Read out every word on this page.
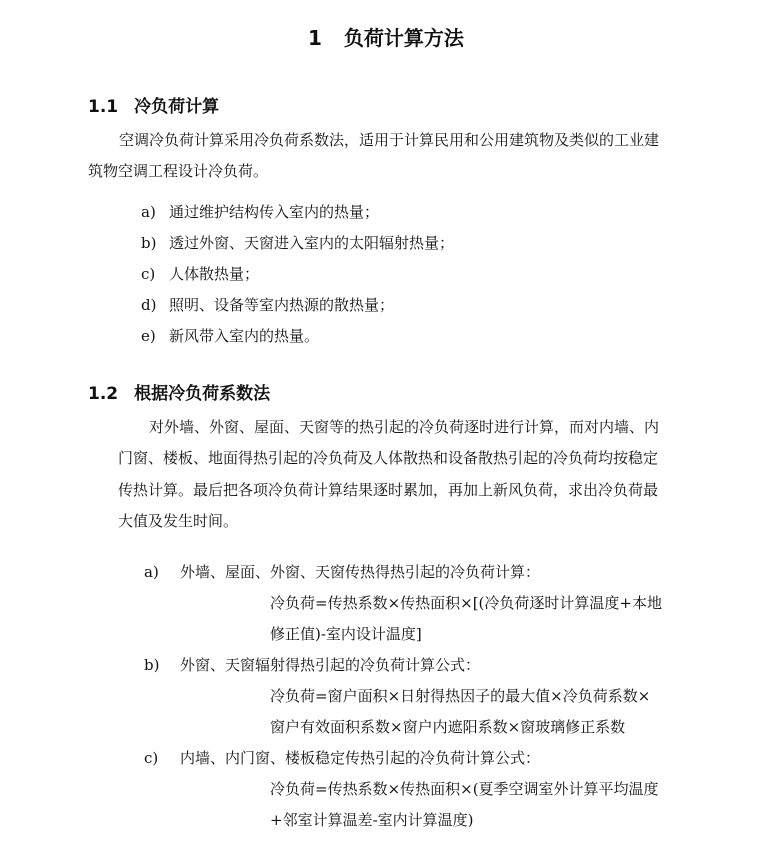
1 负荷计算方法
1.1 冷负荷计算
空调冷负荷计算采用冷负荷系数法，适用于计算民用和公用建筑物及类似的工业建
筑物空调工程设计冷负荷。
a) 通过维护结构传入室内的热量；
b) 透过外窗、天窗进入室内的太阳辐射热量；
c) 人体散热量；
d) 照明、设备等室内热源的散热量；
e) 新风带入室内的热量。
1.2 根据冷负荷系数法
对外墙、外窗、屋面、天窗等的热引起的冷负荷逐时进行计算，而对内墙、内
门窗、楼板、地面得热引起的冷负荷及人体散热和设备散热引起的冷负荷均按稳定
传热计算。最后把各项冷负荷计算结果逐时累加，再加上新风负荷，求出冷负荷最
大值及发生时间。
a) 外墙、屋面、外窗、天窗传热得热引起的冷负荷计算：
冷负荷=传热系数×传热面积×[(冷负荷逐时计算温度+本地
修正值)-室内设计温度]
b) 外窗、天窗辐射得热引起的冷负荷计算公式：
冷负荷=窗户面积×日射得热因子的最大值×冷负荷系数×
窗户有效面积系数×窗户内遮阳系数×窗玻璃修正系数
c) 内墙、内门窗、楼板稳定传热引起的冷负荷计算公式：
冷负荷=传热系数×传热面积×(夏季空调室外计算平均温度
+邻室计算温差-室内计算温度)
